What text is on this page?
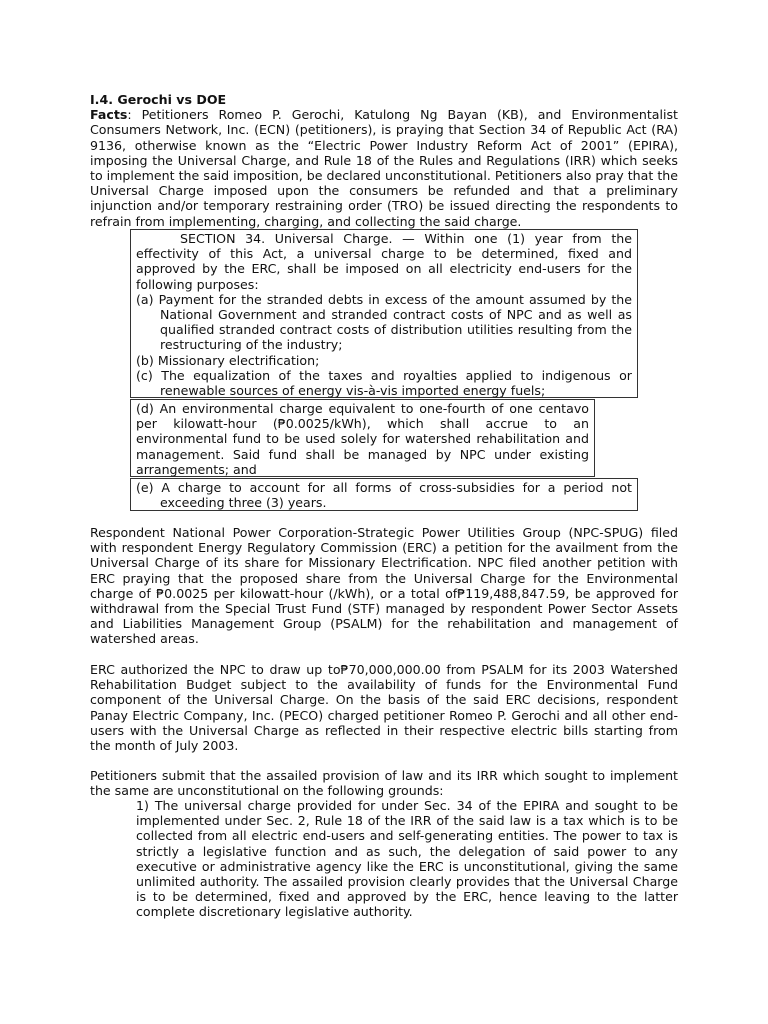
I.4. Gerochi vs DOE
Facts: Petitioners Romeo P. Gerochi, Katulong Ng Bayan (KB), and Environmentalist Consumers Network, Inc. (ECN) (petitioners), is praying that Section 34 of Republic Act (RA) 9136, otherwise known as the “Electric Power Industry Reform Act of 2001” (EPIRA), imposing the Universal Charge, and Rule 18 of the Rules and Regulations (IRR) which seeks to implement the said imposition, be declared unconstitutional. Petitioners also pray that the Universal Charge imposed upon the consumers be refunded and that a preliminary injunction and/or temporary restraining order (TRO) be issued directing the respondents to refrain from implementing, charging, and collecting the said charge.
SECTION 34. Universal Charge. — Within one (1) year from the effectivity of this Act, a universal charge to be determined, fixed and approved by the ERC, shall be imposed on all electricity end-users for the following purposes:
(a) Payment for the stranded debts in excess of the amount assumed by the National Government and stranded contract costs of NPC and as well as qualified stranded contract costs of distribution utilities resulting from the restructuring of the industry;
(b) Missionary electrification;
(c) The equalization of the taxes and royalties applied to indigenous or renewable sources of energy vis-à-vis imported energy fuels;
(d) An environmental charge equivalent to one-fourth of one centavo per kilowatt-hour (₱0.0025/kWh), which shall accrue to an environmental fund to be used solely for watershed rehabilitation and management. Said fund shall be managed by NPC under existing arrangements; and
(e) A charge to account for all forms of cross-subsidies for a period not exceeding three (3) years.
Respondent National Power Corporation-Strategic Power Utilities Group (NPC-SPUG) filed with respondent Energy Regulatory Commission (ERC) a petition for the availment from the Universal Charge of its share for Missionary Electrification. NPC filed another petition with ERC praying that the proposed share from the Universal Charge for the Environmental charge of ₱0.0025 per kilowatt-hour (/kWh), or a total of₱119,488,847.59, be approved for withdrawal from the Special Trust Fund (STF) managed by respondent Power Sector Assets and Liabilities Management Group (PSALM) for the rehabilitation and management of watershed areas.
ERC authorized the NPC to draw up to₱70,000,000.00 from PSALM for its 2003 Watershed Rehabilitation Budget subject to the availability of funds for the Environmental Fund component of the Universal Charge. On the basis of the said ERC decisions, respondent Panay Electric Company, Inc. (PECO) charged petitioner Romeo P. Gerochi and all other end-users with the Universal Charge as reflected in their respective electric bills starting from the month of July 2003.
Petitioners submit that the assailed provision of law and its IRR which sought to implement the same are unconstitutional on the following grounds:
1) The universal charge provided for under Sec. 34 of the EPIRA and sought to be implemented under Sec. 2, Rule 18 of the IRR of the said law is a tax which is to be collected from all electric end-users and self-generating entities. The power to tax is strictly a legislative function and as such, the delegation of said power to any executive or administrative agency like the ERC is unconstitutional, giving the same unlimited authority. The assailed provision clearly provides that the Universal Charge is to be determined, fixed and approved by the ERC, hence leaving to the latter complete discretionary legislative authority.
